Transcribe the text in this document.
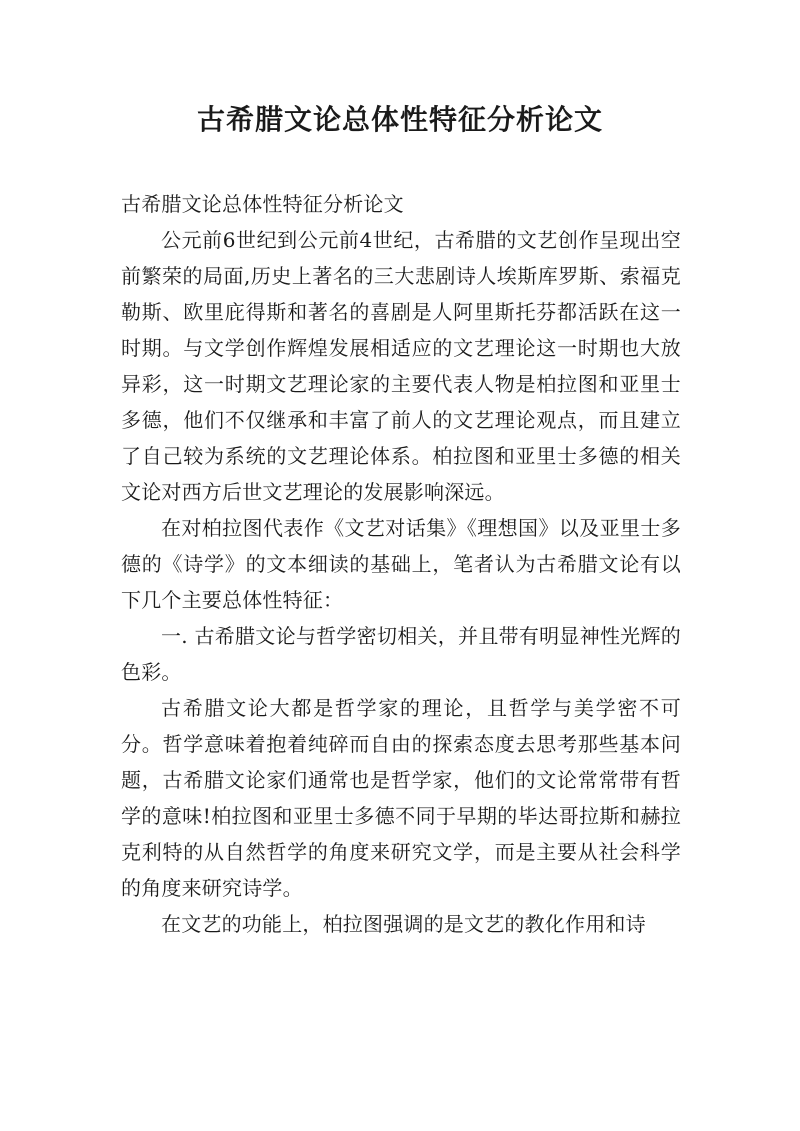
古希腊文论总体性特征分析论文

古希腊文论总体性特征分析论文

公元前6世纪到公元前4世纪，古希腊的文艺创作呈现出空前繁荣的局面,历史上著名的三大悲剧诗人埃斯库罗斯、索福克勒斯、欧里庇得斯和著名的喜剧是人阿里斯托芬都活跃在这一时期。与文学创作辉煌发展相适应的文艺理论这一时期也大放异彩，这一时期文艺理论家的主要代表人物是柏拉图和亚里士多德，他们不仅继承和丰富了前人的文艺理论观点，而且建立了自己较为系统的文艺理论体系。柏拉图和亚里士多德的相关文论对西方后世文艺理论的发展影响深远。

在对柏拉图代表作《文艺对话集》《理想国》以及亚里士多德的《诗学》的文本细读的基础上，笔者认为古希腊文论有以下几个主要总体性特征：

一. 古希腊文论与哲学密切相关，并且带有明显神性光辉的色彩。

古希腊文论大都是哲学家的理论，且哲学与美学密不可分。哲学意味着抱着纯碎而自由的探索态度去思考那些基本问题，古希腊文论家们通常也是哲学家，他们的文论常常带有哲学的意味!柏拉图和亚里士多德不同于早期的毕达哥拉斯和赫拉克利特的从自然哲学的角度来研究文学，而是主要从社会科学的角度来研究诗学。

在文艺的功能上，柏拉图强调的是文艺的教化作用和诗
